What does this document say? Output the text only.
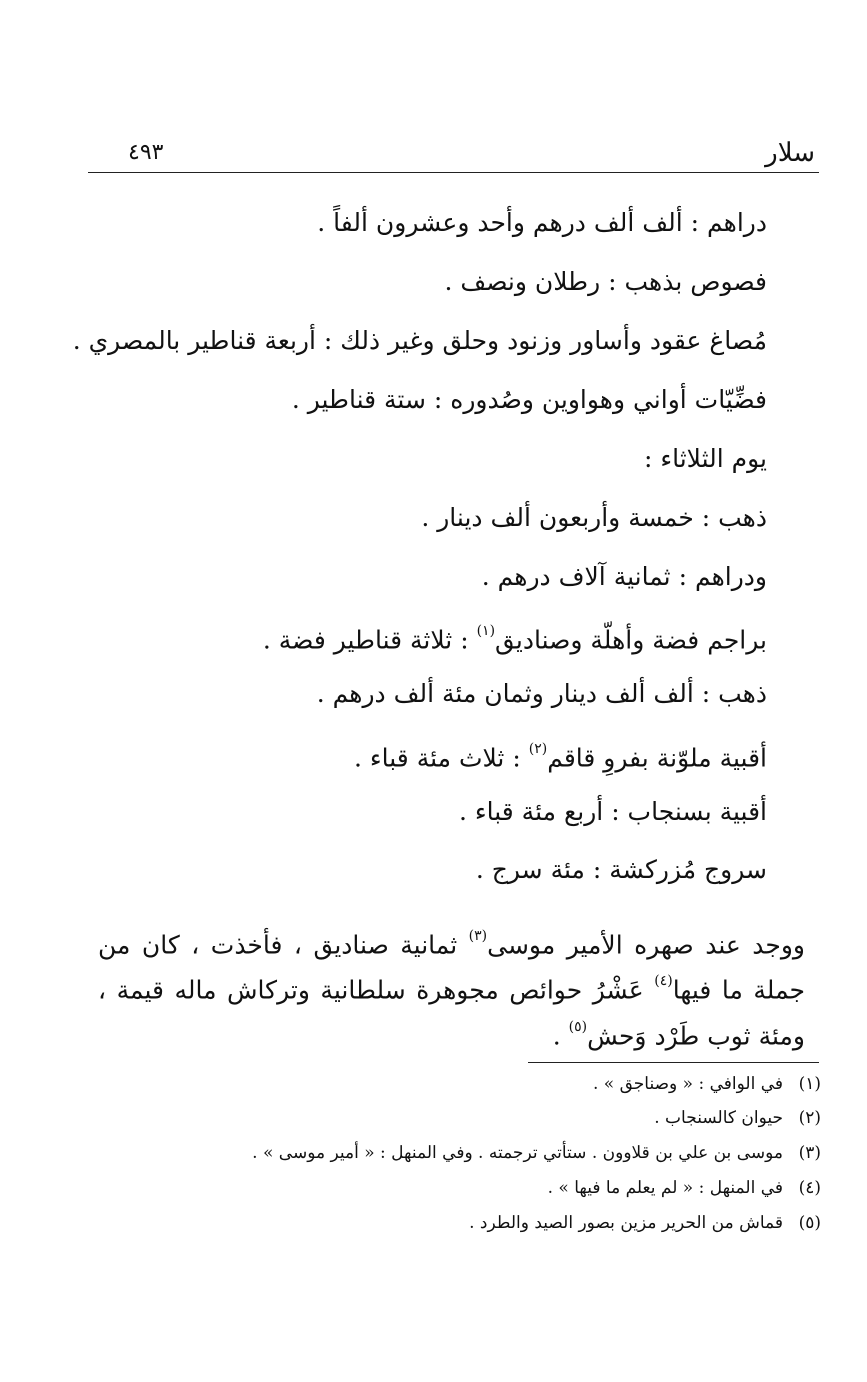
سلار
٤٩٣
دراهم : ألف ألف درهم وأحد وعشرون ألفاً .
فصوص بذهب : رطلان ونصف .
مُصاغ عقود وأساور وزنود وحلق وغير ذلك : أربعة قناطير بالمصري .
فضِّيّات أواني وهواوين وصُدوره : ستة قناطير .
يوم الثلاثاء :
ذهب : خمسة وأربعون ألف دينار .
ودراهم : ثمانية آلاف درهم .
براجم فضة وأهلّة وصناديق$^{(١)}$ : ثلاثة قناطير فضة .
ذهب : ألف ألف دينار وثمان مئة ألف درهم .
أقبية ملوّنة بفروِ قاقم$^{(٢)}$ : ثلاث مئة قباء .
أقبية بسنجاب : أربع مئة قباء .
سروج مُزركشة : مئة سرج .
ووجد عند صهره الأمير موسى$^{(٣)}$ ثمانية صناديق ، فأخذت ، كان من جملة ما فيها$^{(٤)}$ عَشْرُ حوائص مجوهرة سلطانية وتركاش ماله قيمة ، ومئة ثوب طَرْد وَحش$^{(٥)}$ .
(١)في الوافي : « وصناجق » .
(٢)حيوان كالسنجاب .
(٣)موسى بن علي بن قلاوون . ستأتي ترجمته . وفي المنهل : « أمير موسى » .
(٤)في المنهل : « لم يعلم ما فيها » .
(٥)قماش من الحرير مزين بصور الصيد والطرد .
